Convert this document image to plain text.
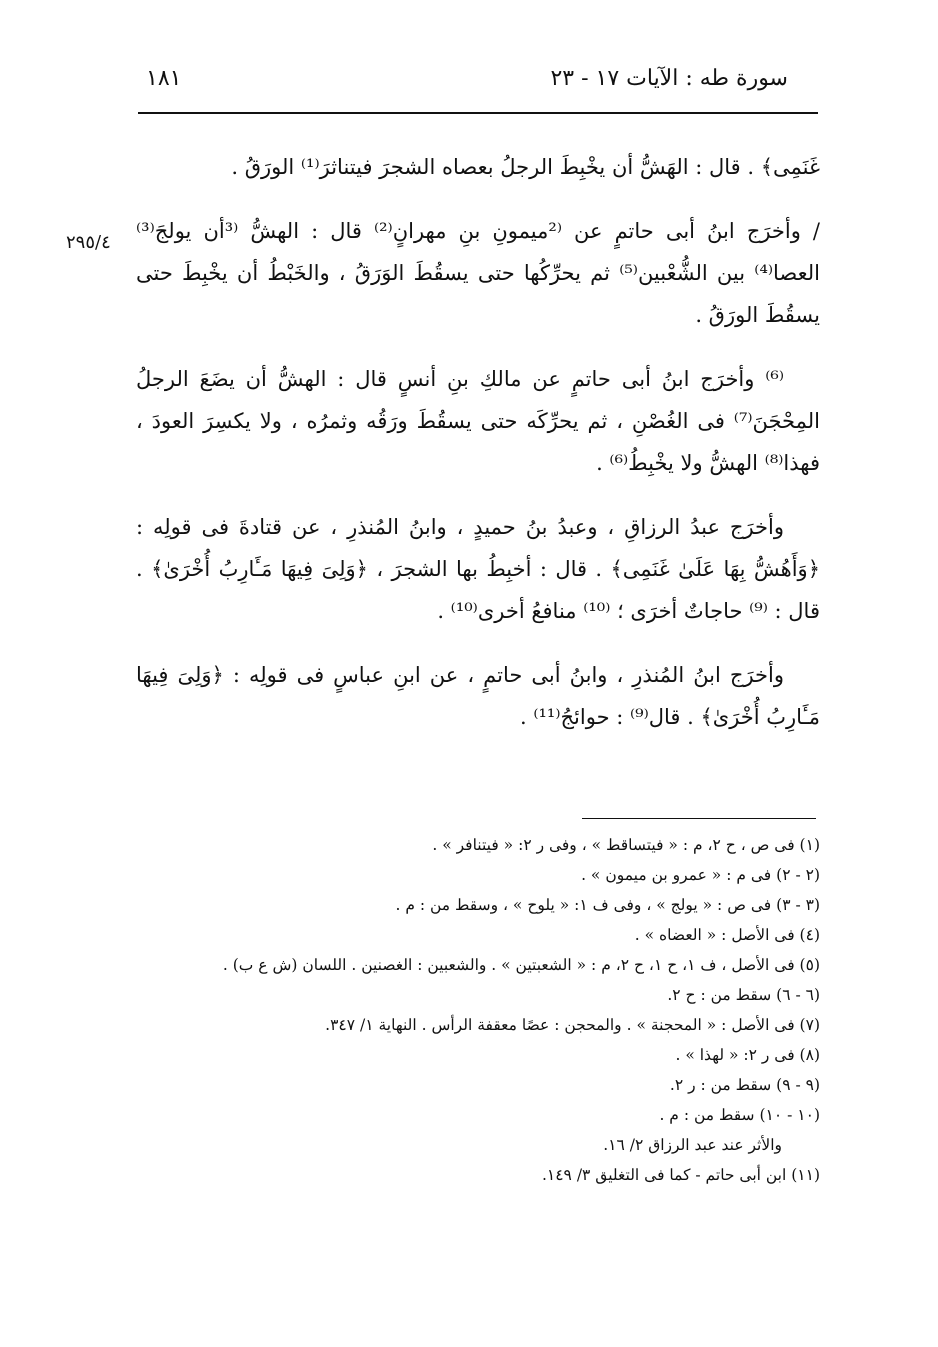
سورة طه : الآيات ١٧ - ٢٣
١٨١
٢٩٥/٤

غَنَمِى﴾ . قال : الهَشُّ أن يخْبِطَ الرجلُ بعصاه الشجرَ فيتناثرَ⁽¹⁾ الورَقُ .

/ وأخرَج ابنُ أبى حاتمٍ عن ⁽²ميمونِ بنِ مهرانٍ⁽²⁾ قال : الهشُّ ⁽³أن يولجَ⁽³⁾ العصا⁽⁴⁾ بين الشُّعْبين⁽⁵⁾ ثم يحرِّكُها حتى يسقُطَ الوَرَقُ ، والخَبْطُ أن يخْبِطَ حتى يسقُطَ الورَقُ .

⁽⁶⁾ وأخرَج ابنُ أبى حاتمٍ عن مالكِ بنِ أنسٍ قال : الهشُّ أن يضَعَ الرجلُ المِحْجَنَ⁽⁷⁾ فى الغُصْنِ ، ثم يحرِّكَه حتى يسقُطَ ورَقُه وثمرُه ، ولا يكسِرَ العودَ ، فهذا⁽⁸⁾ الهشُّ ولا يخْبِطُ⁽⁶⁾ .

وأخرَج عبدُ الرزاقِ ، وعبدُ بنُ حميدٍ ، وابنُ المُنذرِ ، عن قتادةَ فى قولِه : ﴿وَأَهُشُّ بِهَا عَلَىٰ غَنَمِى﴾ . قال : أخبِطُ بها الشجرَ ، ﴿وَلِىَ فِيهَا مَـَٔارِبُ أُخْرَىٰ﴾ . قال : ⁽⁹⁾ حاجاتٌ أخرَى ؛ ⁽¹⁰⁾ منافعُ أخرى⁽¹⁰⁾ .

وأخرَج ابنُ المُنذرِ ، وابنُ أبى حاتمٍ ، عن ابنِ عباسٍ فى قولِه : ﴿وَلِىَ فِيهَا مَـَٔارِبُ أُخْرَىٰ﴾ . قال⁽⁹⁾ : حوائجُ⁽¹¹⁾ .

(١) فى ص ، ح ٢، م : « فيتساقط » ، وفى ر ٢: « فيتنافر » .
(٢ - ٢) فى م : « عمرو بن ميمون » .
(٣ - ٣) فى ص : « يولج » ، وفى ف ١: « يلوح » ، وسقط من : م .
(٤) فى الأصل : « العضاه » .
(٥) فى الأصل ، ف ١، ح ١، ح ٢، م : « الشعبتين » . والشعبين : الغصنين . اللسان (ش ع ب) .
(٦ - ٦) سقط من : ح ٢.
(٧) فى الأصل : « المحجنة » . والمحجن : عصًا معقفة الرأس . النهاية ١/ ٣٤٧.
(٨) فى ر ٢: « لهذا » .
(٩ - ٩) سقط من : ر ٢.
(١٠ - ١٠) سقط من : م .
والأثر عند عبد الرزاق ٢/ ١٦.
(١١) ابن أبى حاتم - كما فى التغليق ٣/ ١٤٩.
